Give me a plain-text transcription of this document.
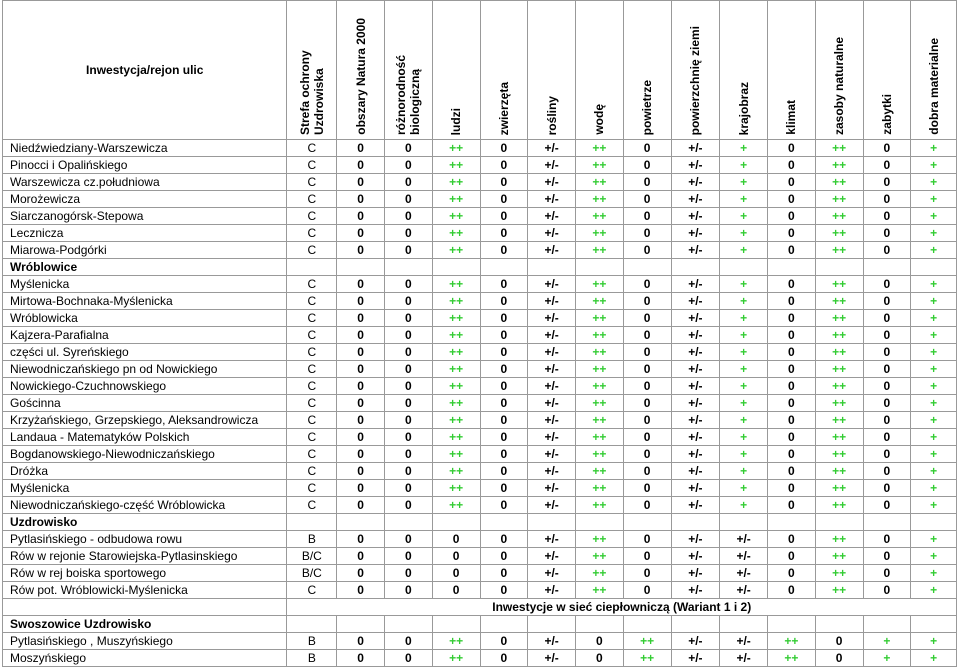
Inwestycja/rejon ulic	Strefa ochrony Uzdrowiska	obszary Natura 2000	różnorodność biologiczną	ludzi	zwierzęta	rośliny	wodę	powietrze	powierzchnię ziemi	krajobraz	klimat	zasoby naturalne	zabytki	dobra materialne
Niedźwiedziany-Warszewicza	C	0	0	++	0	+/-	++	0	+/-	+	0	++	0	+
Pinocci i Opalińskiego	C	0	0	++	0	+/-	++	0	+/-	+	0	++	0	+
Warszewicza cz.południowa	C	0	0	++	0	+/-	++	0	+/-	+	0	++	0	+
Morożewicza	C	0	0	++	0	+/-	++	0	+/-	+	0	++	0	+
Siarczanogórsk-Stepowa	C	0	0	++	0	+/-	++	0	+/-	+	0	++	0	+
Lecznicza	C	0	0	++	0	+/-	++	0	+/-	+	0	++	0	+
Miarowa-Podgórki	C	0	0	++	0	+/-	++	0	+/-	+	0	++	0	+
Wróblowice														
Myślenicka	C	0	0	++	0	+/-	++	0	+/-	+	0	++	0	+
Mirtowa-Bochnaka-Myślenicka	C	0	0	++	0	+/-	++	0	+/-	+	0	++	0	+
Wróblowicka	C	0	0	++	0	+/-	++	0	+/-	+	0	++	0	+
Kajzera-Parafialna	C	0	0	++	0	+/-	++	0	+/-	+	0	++	0	+
części ul. Syreńskiego	C	0	0	++	0	+/-	++	0	+/-	+	0	++	0	+
Niewodniczańskiego pn od Nowickiego	C	0	0	++	0	+/-	++	0	+/-	+	0	++	0	+
Nowickiego-Czuchnowskiego	C	0	0	++	0	+/-	++	0	+/-	+	0	++	0	+
Gościnna	C	0	0	++	0	+/-	++	0	+/-	+	0	++	0	+
Krzyżańskiego, Grzepskiego, Aleksandrowicza	C	0	0	++	0	+/-	++	0	+/-	+	0	++	0	+
Landaua - Matematyków Polskich	C	0	0	++	0	+/-	++	0	+/-	+	0	++	0	+
Bogdanowskiego-Niewodniczańskiego	C	0	0	++	0	+/-	++	0	+/-	+	0	++	0	+
Dróżka	C	0	0	++	0	+/-	++	0	+/-	+	0	++	0	+
Myślenicka	C	0	0	++	0	+/-	++	0	+/-	+	0	++	0	+
Niewodniczańskiego-część Wróblowicka	C	0	0	++	0	+/-	++	0	+/-	+	0	++	0	+
Uzdrowisko														
Pytlasińskiego - odbudowa rowu	B	0	0	0	0	+/-	++	0	+/-	+/-	0	++	0	+
Rów w rejonie Starowiejska-Pytlasinskiego	B/C	0	0	0	0	+/-	++	0	+/-	+/-	0	++	0	+
Rów w rej boiska sportowego	B/C	0	0	0	0	+/-	++	0	+/-	+/-	0	++	0	+
Rów pot. Wróblowicki-Myślenicka	C	0	0	0	0	+/-	++	0	+/-	+/-	0	++	0	+
	Inwestycje w sieć ciepłowniczą (Wariant 1 i 2)													
Swoszowice Uzdrowisko														
Pytlasińskiego , Muszyńskiego	B	0	0	++	0	+/-	0	++	+/-	+/-	++	0	+	+
Moszyńskiego	B	0	0	++	0	+/-	0	++	+/-	+/-	++	0	+	+
